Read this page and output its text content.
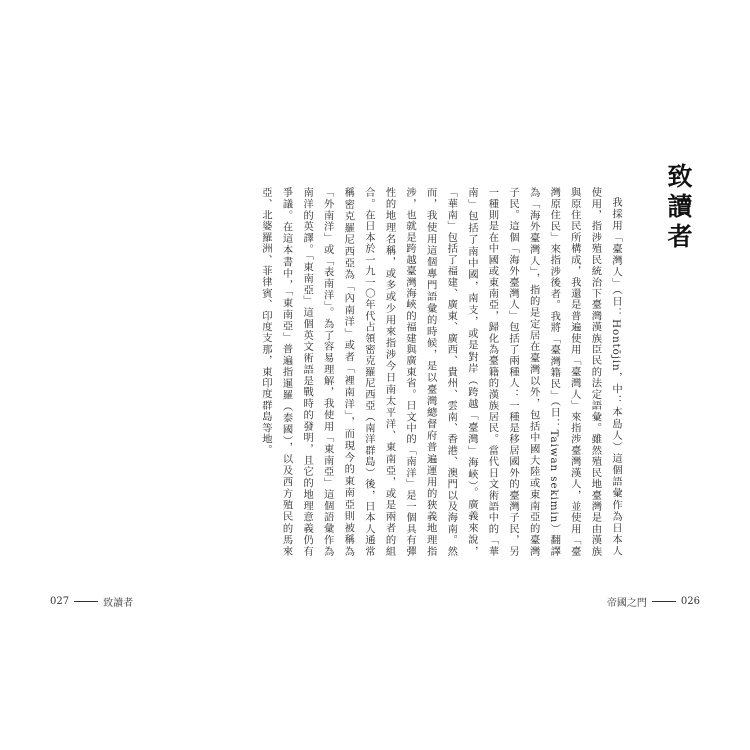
致讀者

我採用「臺灣人」（日：Hontōjin，中：本島人）這個語彙作為日本人使用，指涉殖民統治下臺灣漢族臣民的法定語彙。雖然殖民地臺灣是由漢族與原住民所構成，我還是普遍使用「臺灣人」來指涉臺灣漢人，並使用「臺灣原住民」來指涉後者。我將「臺灣籍民」（日：Taiwan sekimin）翻譯為「海外臺灣人」，指的是定居在臺灣以外，包括中國大陸或東南亞的臺灣子民。這個「海外臺灣人」包括了兩種人：一種是移居國外的臺灣子民，另一種則是在中國或東南亞，歸化為臺籍的漢族居民。當代日文術語中的「華南」包括了南中國，南支，或是對岸（跨越「臺灣」海峽）。廣義來說，「華南」包括了福建、廣東、廣西、貴州、雲南、香港、澳門以及海南。然而，我使用這個專門語彙的時候，是以臺灣總督府普遍運用的狹義地理指涉，也就是跨越臺灣海峽的福建與廣東省。日文中的「南洋」是一個具有彈性的地理名稱，或多或少用來指涉今日南太平洋、東南亞，或是兩者的組合。在日本於一九一〇年代占領密克羅尼西亞（南洋群島）後，日本人通常稱密克羅尼西亞為「內南洋」或者「裡南洋」，而現今的東南亞則被稱為「外南洋」或「表南洋」。為了容易理解，我使用「東南亞」這個語彙作為南洋的英譯。「東南亞」這個英文術語是戰時的發明，且它的地理意義仍有爭議。在這本書中，「東南亞」普遍指暹羅（泰國），以及西方殖民的馬來亞、北婆羅洲、菲律賓、印度支那，東印度群島等地。

027	致讀者	帝國之門	026
